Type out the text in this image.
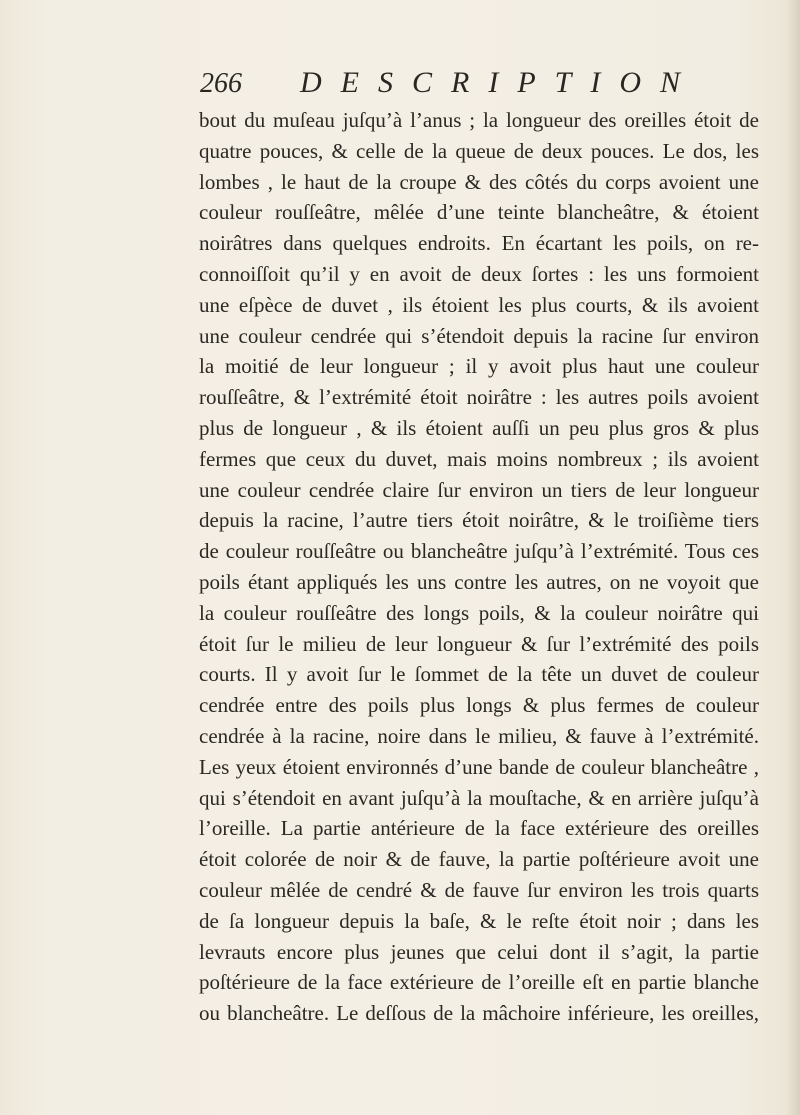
266 DESCRIPTION
bout du muſeau juſqu’à l’anus ; la longueur des oreilles étoit de
quatre pouces, & celle de la queue de deux pouces. Le dos, les
lombes , le haut de la croupe & des côtés du corps avoient une
couleur rouſſeâtre, mêlée d’une teinte blancheâtre, & étoient
noirâtres dans quelques endroits. En écartant les poils, on re-
connoiſſoit qu’il y en avoit de deux ſortes : les uns formoient
une eſpèce de duvet , ils étoient les plus courts, & ils avoient
une couleur cendrée qui s’étendoit depuis la racine ſur environ
la moitié de leur longueur ; il y avoit plus haut une couleur
rouſſeâtre, & l’extrémité étoit noirâtre : les autres poils avoient
plus de longueur , & ils étoient auſſi un peu plus gros & plus
fermes que ceux du duvet, mais moins nombreux ; ils avoient
une couleur cendrée claire ſur environ un tiers de leur longueur
depuis la racine, l’autre tiers étoit noirâtre, & le troiſième tiers
de couleur rouſſeâtre ou blancheâtre juſqu’à l’extrémité. Tous ces
poils étant appliqués les uns contre les autres, on ne voyoit que
la couleur rouſſeâtre des longs poils, & la couleur noirâtre qui
étoit ſur le milieu de leur longueur & ſur l’extrémité des poils
courts. Il y avoit ſur le ſommet de la tête un duvet de couleur
cendrée entre des poils plus longs & plus fermes de couleur
cendrée à la racine, noire dans le milieu, & fauve à l’extrémité.
Les yeux étoient environnés d’une bande de couleur blancheâtre ,
qui s’étendoit en avant juſqu’à la mouſtache, & en arrière juſqu’à
l’oreille. La partie antérieure de la face extérieure des oreilles
étoit colorée de noir & de fauve, la partie poſtérieure avoit une
couleur mêlée de cendré & de fauve ſur environ les trois quarts
de ſa longueur depuis la baſe, & le reſte étoit noir ; dans les
levrauts encore plus jeunes que celui dont il s’agit, la partie
poſtérieure de la face extérieure de l’oreille eſt en partie blanche
ou blancheâtre. Le deſſous de la mâchoire inférieure, les oreilles,
